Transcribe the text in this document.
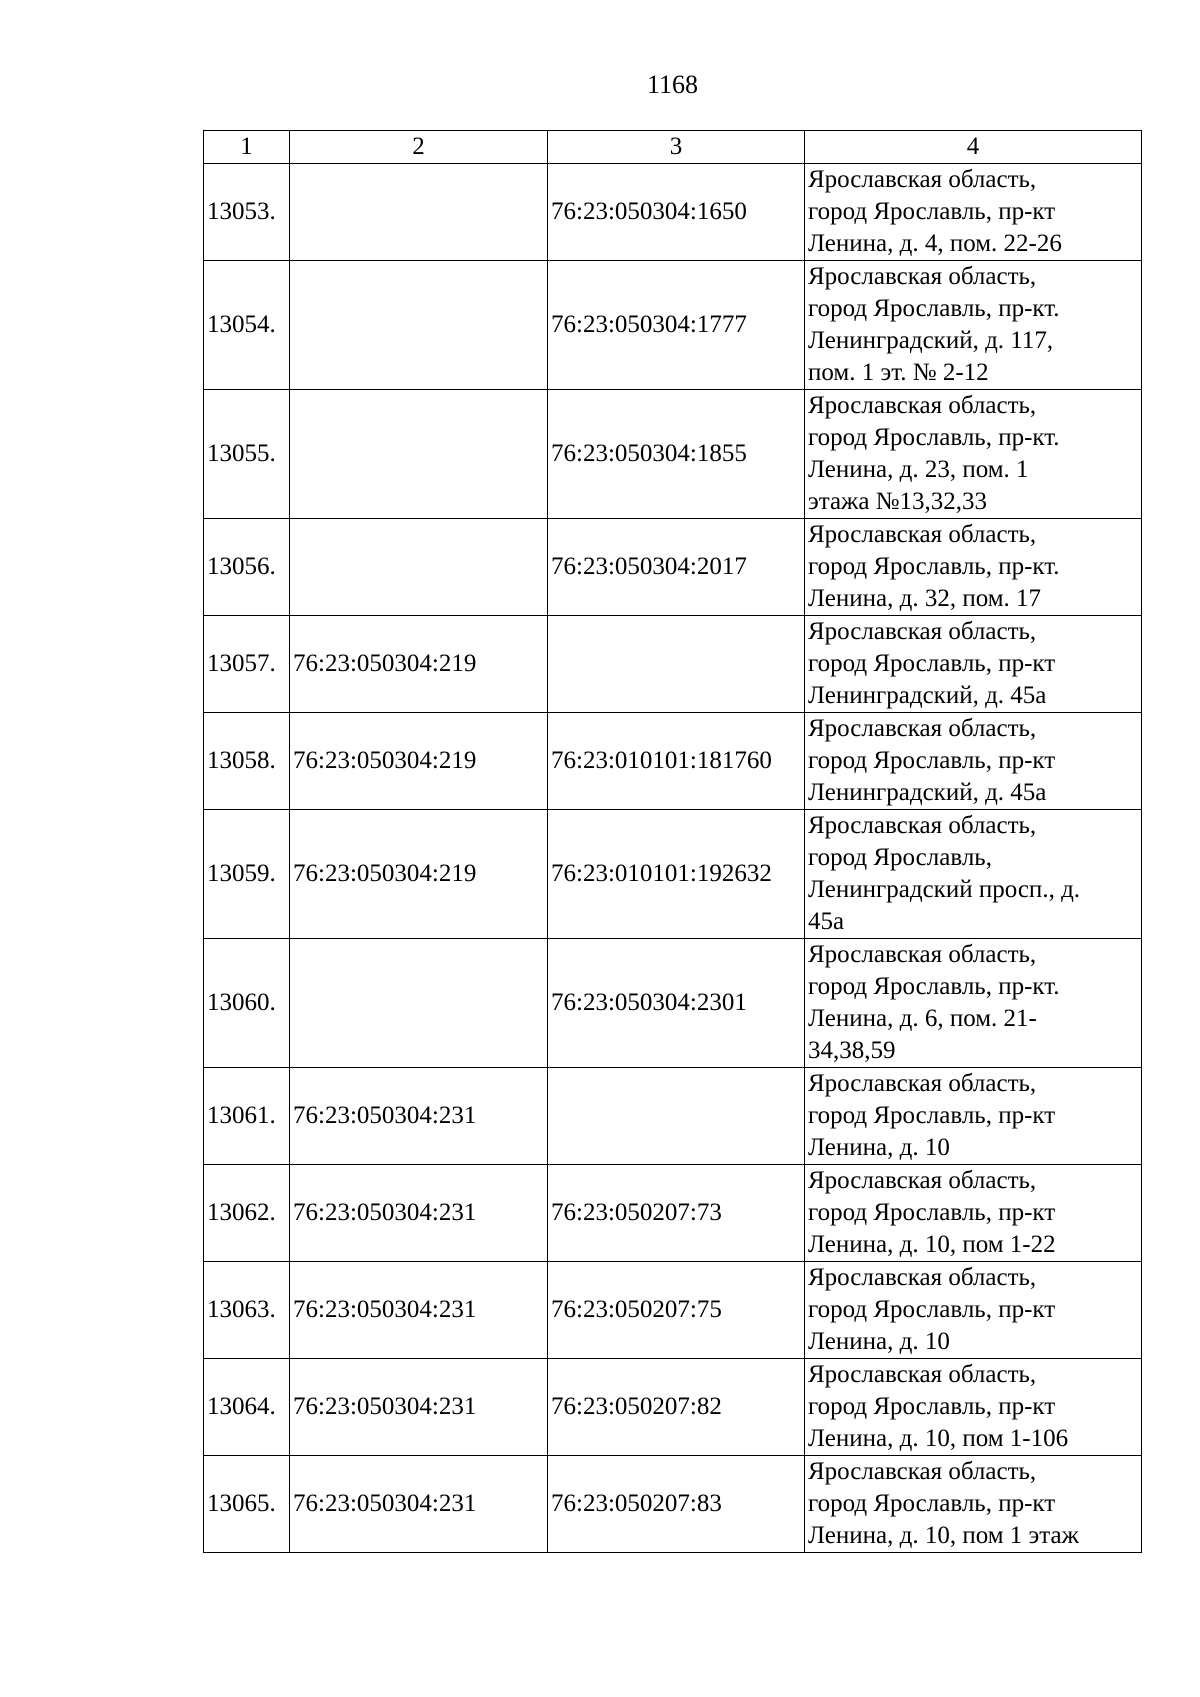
1168
1	2	3	4
13053.		76:23:050304:1650	Ярославская область,
город Ярославль, пр-кт
Ленина, д. 4, пом. 22-26

13054.		76:23:050304:1777	Ярославская область,
город Ярославль, пр-кт.
Ленинградский, д. 117,
пом. 1 эт. № 2-12

13055.		76:23:050304:1855	Ярославская область,
город Ярославль, пр-кт.
Ленина, д. 23, пом. 1
этажа №13,32,33

13056.		76:23:050304:2017	Ярославская область,
город Ярославль, пр-кт.
Ленина, д. 32, пом. 17

13057.	76:23:050304:219		Ярославская область,
город Ярославль, пр-кт
Ленинградский, д. 45а

13058.	76:23:050304:219	76:23:010101:181760	Ярославская область,
город Ярославль, пр-кт
Ленинградский, д. 45а

13059.	76:23:050304:219	76:23:010101:192632	Ярославская область,
город Ярославль,
Ленинградский просп., д.
45а

13060.		76:23:050304:2301	Ярославская область,
город Ярославль, пр-кт.
Ленина, д. 6, пом. 21-
34,38,59

13061.	76:23:050304:231		Ярославская область,
город Ярославль, пр-кт
Ленина, д. 10

13062.	76:23:050304:231	76:23:050207:73	Ярославская область,
город Ярославль, пр-кт
Ленина, д. 10, пом 1-22

13063.	76:23:050304:231	76:23:050207:75	Ярославская область,
город Ярославль, пр-кт
Ленина, д. 10

13064.	76:23:050304:231	76:23:050207:82	Ярославская область,
город Ярославль, пр-кт
Ленина, д. 10, пом 1-106

13065.	76:23:050304:231	76:23:050207:83	Ярославская область,
город Ярославль, пр-кт
Ленина, д. 10, пом 1 этаж
